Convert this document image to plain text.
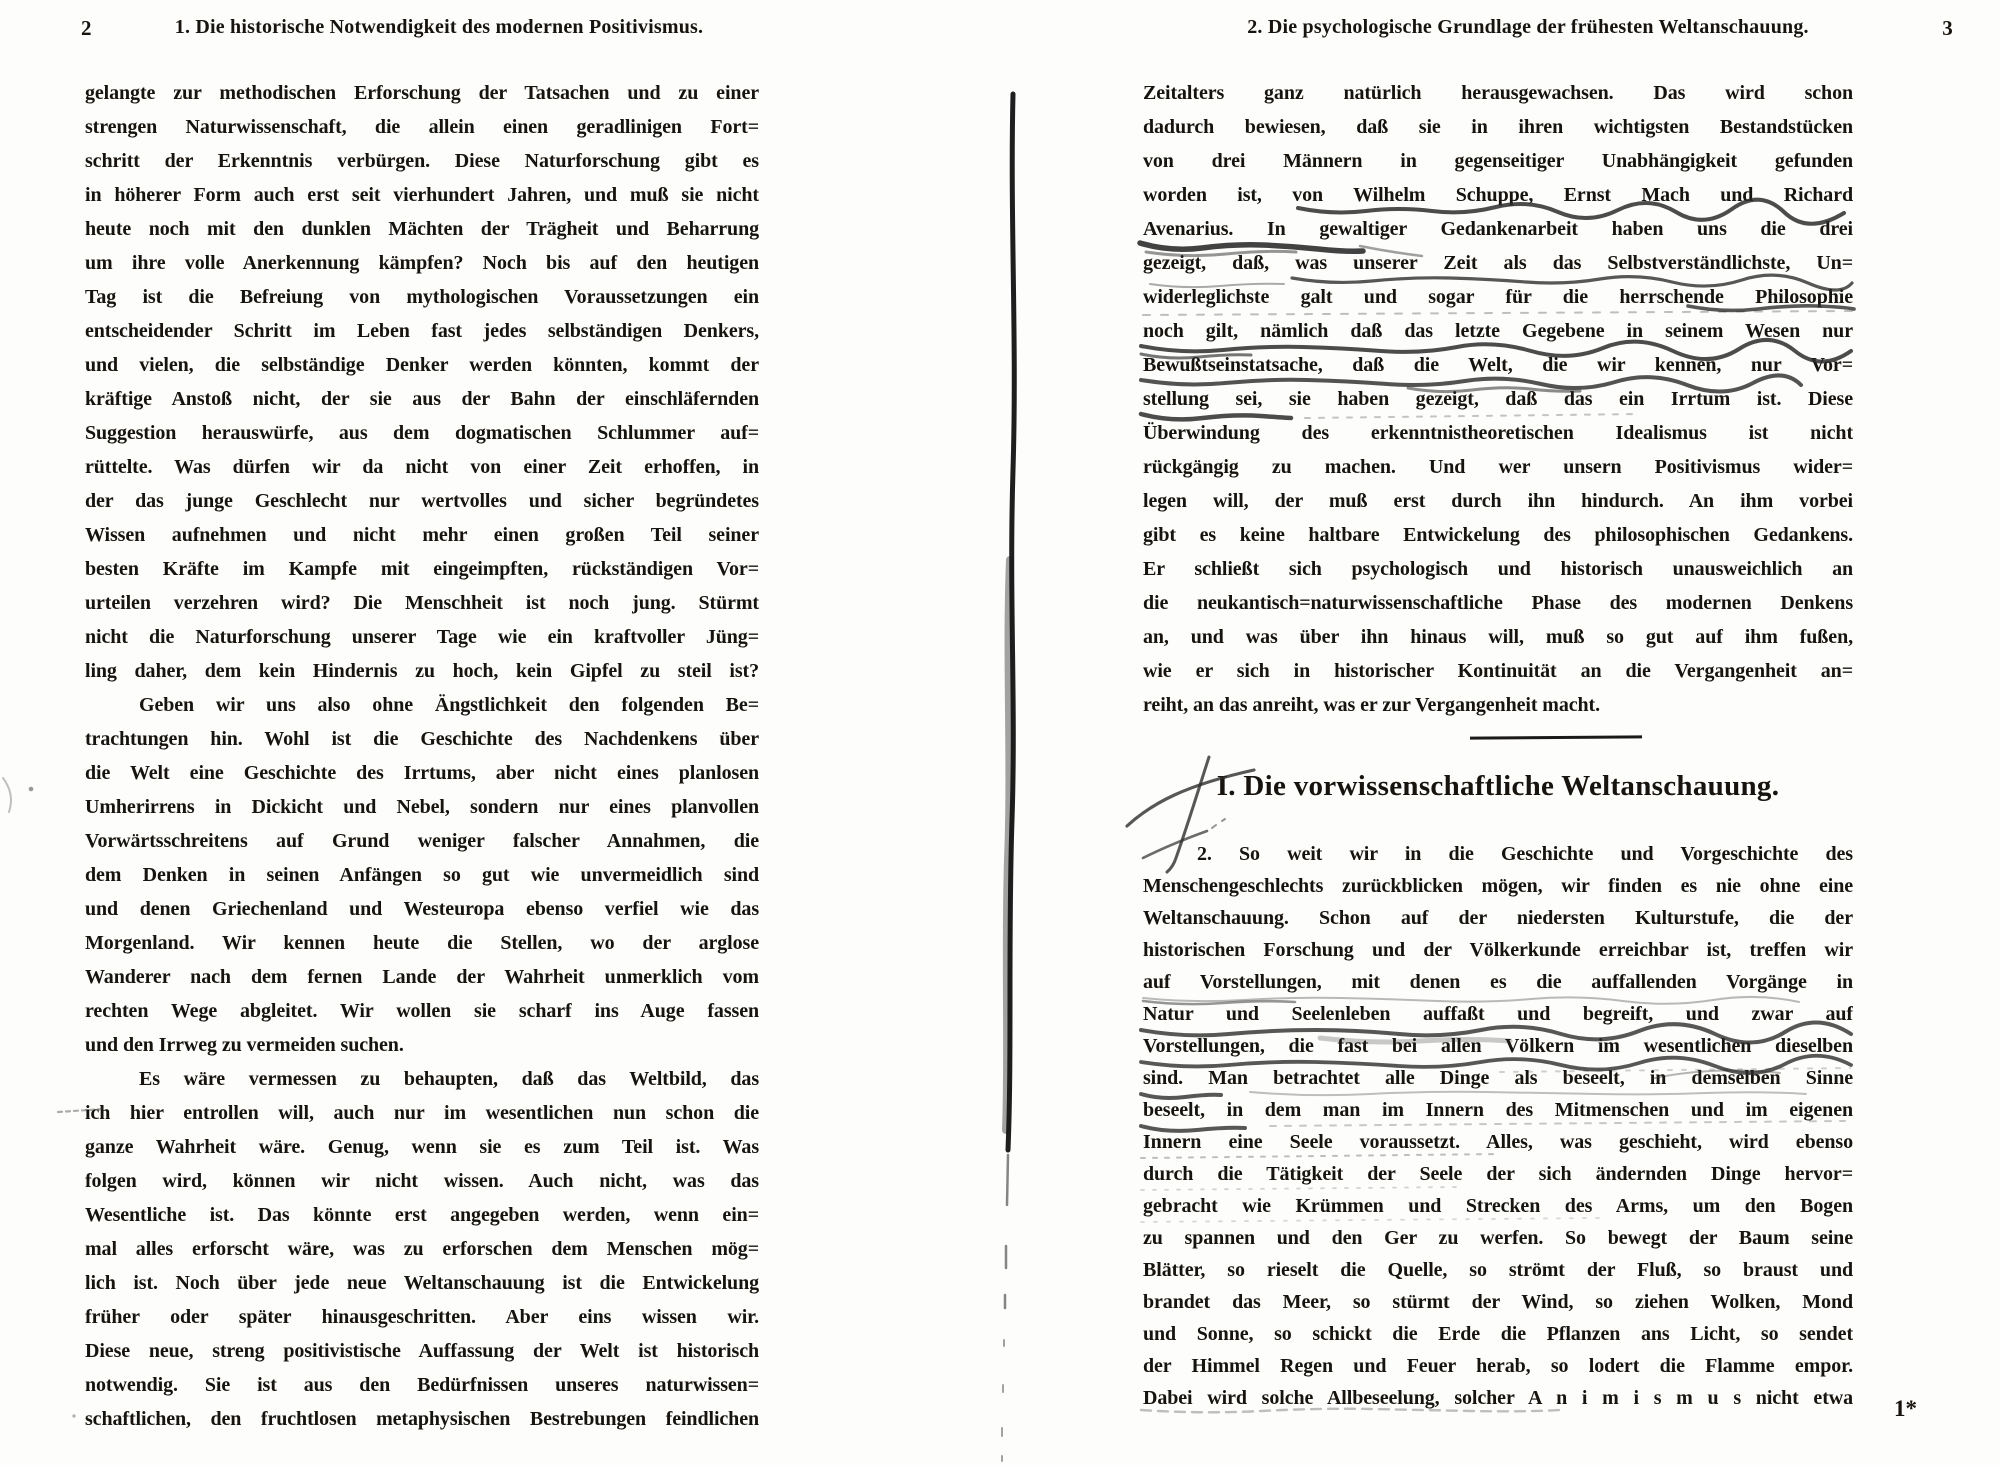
2	1. Die historische Notwendigkeit des modernen Positivismus.	2. Die psychologische Grundlage der frühesten Weltanschauung.	3
gelangte zur methodischen Erforschung der Tatsachen und zu einer
strengen Naturwissenschaft, die allein einen geradlinigen Fort=
schritt der Erkenntnis verbürgen. Diese Naturforschung gibt es
in höherer Form auch erst seit vierhundert Jahren, und muß sie nicht
heute noch mit den dunklen Mächten der Trägheit und Beharrung
um ihre volle Anerkennung kämpfen? Noch bis auf den heutigen
Tag ist die Befreiung von mythologischen Voraussetzungen ein
entscheidender Schritt im Leben fast jedes selbständigen Denkers,
und vielen, die selbständige Denker werden könnten, kommt der
kräftige Anstoß nicht, der sie aus der Bahn der einschläfernden
Suggestion herauswürfe, aus dem dogmatischen Schlummer auf=
rüttelte. Was dürfen wir da nicht von einer Zeit erhoffen, in
der das junge Geschlecht nur wertvolles und sicher begründetes
Wissen aufnehmen und nicht mehr einen großen Teil seiner
besten Kräfte im Kampfe mit eingeimpften, rückständigen Vor=
urteilen verzehren wird? Die Menschheit ist noch jung. Stürmt
nicht die Naturforschung unserer Tage wie ein kraftvoller Jüng=
ling daher, dem kein Hindernis zu hoch, kein Gipfel zu steil ist?
Geben wir uns also ohne Ängstlichkeit den folgenden Be=
trachtungen hin. Wohl ist die Geschichte des Nachdenkens über
die Welt eine Geschichte des Irrtums, aber nicht eines planlosen
Umherirrens in Dickicht und Nebel, sondern nur eines planvollen
Vorwärtsschreitens auf Grund weniger falscher Annahmen, die
dem Denken in seinen Anfängen so gut wie unvermeidlich sind
und denen Griechenland und Westeuropa ebenso verfiel wie das
Morgenland. Wir kennen heute die Stellen, wo der arglose
Wanderer nach dem fernen Lande der Wahrheit unmerklich vom
rechten Wege abgleitet. Wir wollen sie scharf ins Auge fassen
und den Irrweg zu vermeiden suchen.
Es wäre vermessen zu behaupten, daß das Weltbild, das
ich hier entrollen will, auch nur im wesentlichen nun schon die
ganze Wahrheit wäre. Genug, wenn sie es zum Teil ist. Was
folgen wird, können wir nicht wissen. Auch nicht, was das
Wesentliche ist. Das könnte erst angegeben werden, wenn ein=
mal alles erforscht wäre, was zu erforschen dem Menschen mög=
lich ist. Noch über jede neue Weltanschauung ist die Entwickelung
früher oder später hinausgeschritten. Aber eins wissen wir.
Diese neue, streng positivistische Auffassung der Welt ist historisch
notwendig. Sie ist aus den Bedürfnissen unseres naturwissen=
schaftlichen, den fruchtlosen metaphysischen Bestrebungen feindlichen
Zeitalters ganz natürlich herausgewachsen. Das wird schon
dadurch bewiesen, daß sie in ihren wichtigsten Bestandstücken
von drei Männern in gegenseitiger Unabhängigkeit gefunden
worden ist, von Wilhelm Schuppe, Ernst Mach und Richard
Avenarius. In gewaltiger Gedankenarbeit haben uns die drei
gezeigt, daß, was unserer Zeit als das Selbstverständlichste, Un=
widerleglichste galt und sogar für die herrschende Philosophie
noch gilt, nämlich daß das letzte Gegebene in seinem Wesen nur
Bewußtseinstatsache, daß die Welt, die wir kennen, nur Vor=
stellung sei, sie haben gezeigt, daß das ein Irrtum ist. Diese
Überwindung des erkenntnistheoretischen Idealismus ist nicht
rückgängig zu machen. Und wer unsern Positivismus wider=
legen will, der muß erst durch ihn hindurch. An ihm vorbei
gibt es keine haltbare Entwickelung des philosophischen Gedankens.
Er schließt sich psychologisch und historisch unausweichlich an
die neukantisch=naturwissenschaftliche Phase des modernen Denkens
an, und was über ihn hinaus will, muß so gut auf ihm fußen,
wie er sich in historischer Kontinuität an die Vergangenheit an=
reiht, an das anreiht, was er zur Vergangenheit macht.
I. Die vorwissenschaftliche Weltanschauung.
2. So weit wir in die Geschichte und Vorgeschichte des
Menschengeschlechts zurückblicken mögen, wir finden es nie ohne eine
Weltanschauung. Schon auf der niedersten Kulturstufe, die der
historischen Forschung und der Völkerkunde erreichbar ist, treffen wir
auf Vorstellungen, mit denen es die auffallenden Vorgänge in
Natur und Seelenleben auffaßt und begreift, und zwar auf
Vorstellungen, die fast bei allen Völkern im wesentlichen dieselben
sind. Man betrachtet alle Dinge als beseelt, in demselben Sinne
beseelt, in dem man im Innern des Mitmenschen und im eigenen
Innern eine Seele voraussetzt. Alles, was geschieht, wird ebenso
durch die Tätigkeit der Seele der sich ändernden Dinge hervor=
gebracht wie Krümmen und Strecken des Arms, um den Bogen
zu spannen und den Ger zu werfen. So bewegt der Baum seine
Blätter, so rieselt die Quelle, so strömt der Fluß, so braust und
brandet das Meer, so stürmt der Wind, so ziehen Wolken, Mond
und Sonne, so schickt die Erde die Pflanzen ans Licht, so sendet
der Himmel Regen und Feuer herab, so lodert die Flamme empor.
Dabei wird solche Allbeseelung, solcher A n i m i s m u s nicht etwa 1*
